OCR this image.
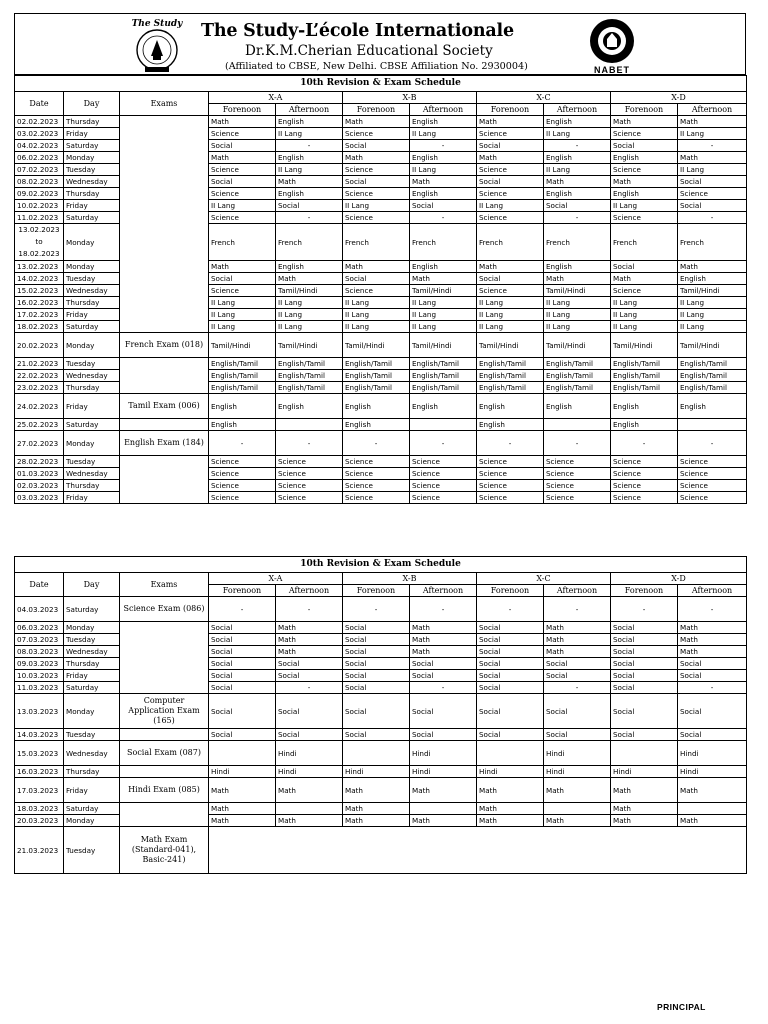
The Study The Study-L’école Internationale
Dr.K.M.Cherian Educational Society
(Affiliated to CBSE, New Delhi. CBSE Affiliation No. 2930004)	NABET
10th Revision & Exam Schedule										
Date	Day	Exams	X-A		X-B		X-C		X-D	
			Forenoon	Afternoon	Forenoon	Afternoon	Forenoon	Afternoon	Forenoon	Afternoon
02.02.2023	Thursday		Math	English	Math	English	Math	English	Math	Math
03.02.2023	Friday		Science	II Lang	Science	II Lang	Science	II Lang	Science	II Lang
04.02.2023	Saturday		Social	-	Social	-	Social	-	Social	-
06.02.2023	Monday		Math	English	Math	English	Math	English	English	Math
07.02.2023	Tuesday		Science	II Lang	Science	II Lang	Science	II Lang	Science	II Lang
08.02.2023	Wednesday		Social	Math	Social	Math	Social	Math	Math	Social
09.02.2023	Thursday		Science	English	Science	English	Science	English	English	Science
10.02.2023	Friday		II Lang	Social	II Lang	Social	II Lang	Social	II Lang	Social
11.02.2023	Saturday		Science	-	Science	-	Science	-	Science	-
13.02.2023 to 18.02.2023	Monday		French	French	French	French	French	French	French	French
13.02.2023	Monday		Math	English	Math	English	Math	English	Social	Math
14.02.2023	Tuesday		Social	Math	Social	Math	Social	Math	Math	English
15.02.2023	Wednesday		Science	Tamil/Hindi	Science	Tamil/Hindi	Science	Tamil/Hindi	Science	Tamil/Hindi
16.02.2023	Thursday		II Lang	II Lang	II Lang	II Lang	II Lang	II Lang	II Lang	II Lang
17.02.2023	Friday		II Lang	II Lang	II Lang	II Lang	II Lang	II Lang	II Lang	II Lang
18.02.2023	Saturday		II Lang	II Lang	II Lang	II Lang	II Lang	II Lang	II Lang	II Lang
20.02.2023	Monday	French Exam (018)	Tamil/Hindi	Tamil/Hindi	Tamil/Hindi	Tamil/Hindi	Tamil/Hindi	Tamil/Hindi	Tamil/Hindi	Tamil/Hindi
21.02.2023	Tuesday		English/Tamil	English/Tamil	English/Tamil	English/Tamil	English/Tamil	English/Tamil	English/Tamil	English/Tamil
22.02.2023	Wednesday		English/Tamil	English/Tamil	English/Tamil	English/Tamil	English/Tamil	English/Tamil	English/Tamil	English/Tamil
23.02.2023	Thursday		English/Tamil	English/Tamil	English/Tamil	English/Tamil	English/Tamil	English/Tamil	English/Tamil	English/Tamil
24.02.2023	Friday	Tamil Exam (006)	English	English	English	English	English	English	English	English
25.02.2023	Saturday		English		English		English		English	
27.02.2023	Monday	English Exam (184)	-	-	-	-	-	-	-	-
28.02.2023	Tuesday		Science	Science	Science	Science	Science	Science	Science	Science
01.03.2023	Wednesday		Science	Science	Science	Science	Science	Science	Science	Science
02.03.2023	Thursday		Science	Science	Science	Science	Science	Science	Science	Science
03.03.2023	Friday		Science	Science	Science	Science	Science	Science	Science	Science
10th Revision & Exam Schedule										
Date	Day	Exams	X-A		X-B		X-C		X-D	
			Forenoon	Afternoon	Forenoon	Afternoon	Forenoon	Afternoon	Forenoon	Afternoon
04.03.2023	Saturday	Science Exam (086)	-	-	-	-	-	-	-	-
06.03.2023	Monday		Social	Math	Social	Math	Social	Math	Social	Math
07.03.2023	Tuesday		Social	Math	Social	Math	Social	Math	Social	Math
08.03.2023	Wednesday		Social	Math	Social	Math	Social	Math	Social	Math
09.03.2023	Thursday		Social	Social	Social	Social	Social	Social	Social	Social
10.03.2023	Friday		Social	Social	Social	Social	Social	Social	Social	Social
11.03.2023	Saturday		Social	-	Social	-	Social	-	Social	-
13.03.2023	Monday	Computer Application Exam (165)	Social	Social	Social	Social	Social	Social	Social	Social
14.03.2023	Tuesday		Social	Social	Social	Social	Social	Social	Social	Social
15.03.2023	Wednesday	Social Exam (087)		Hindi		Hindi		Hindi		Hindi
16.03.2023	Thursday		Hindi	Hindi	Hindi	Hindi	Hindi	Hindi	Hindi	Hindi
17.03.2023	Friday	Hindi Exam (085)	Math	Math	Math	Math	Math	Math	Math	Math
18.03.2023	Saturday		Math		Math		Math		Math	
20.03.2023	Monday		Math	Math	Math	Math	Math	Math	Math	Math
21.03.2023	Tuesday	Math Exam (Standard-041), Basic-241)								
PRINCIPAL
